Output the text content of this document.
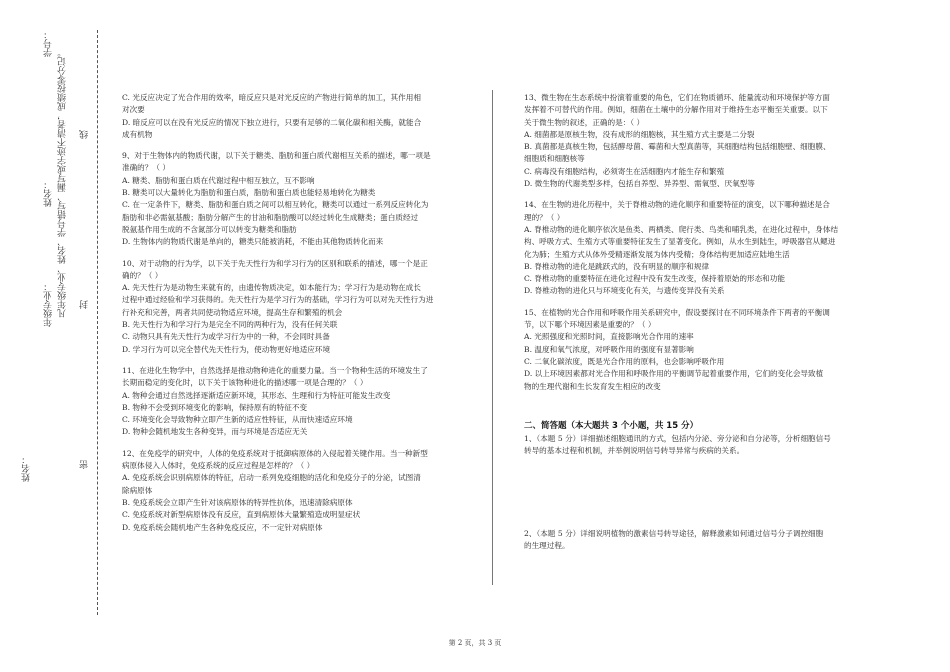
姓名：
年级专业： 凡年级专业、姓名、学号错写、漏写或字迹不清者，成绩按零分记。
姓名：
学号：
线
封
密

C. 光反应决定了光合作用的效率，暗反应只是对光反应的产物进行简单的加工，其作用相

对次要

D. 暗反应可以在没有光反应的情况下独立进行，只要有足够的二氧化碳和相关酶，就能合

成有机物

9、对于生物体内的物质代谢，以下关于糖类、脂肪和蛋白质代谢相互关系的描述，哪一项是

准确的？（ ）

A. 糖类、脂肪和蛋白质在代谢过程中相互独立，互不影响

B. 糖类可以大量转化为脂肪和蛋白质，脂肪和蛋白质也能轻易地转化为糖类

C. 在一定条件下，糖类、脂肪和蛋白质之间可以相互转化，糖类可以通过一系列反应转化为

脂肪和非必需氨基酸；脂肪分解产生的甘油和脂肪酸可以经过转化生成糖类；蛋白质经过

脱氨基作用生成的不含氮部分可以转变为糖类和脂肪

D. 生物体内的物质代谢是单向的，糖类只能被消耗，不能由其他物质转化而来

10、对于动物的行为学，以下关于先天性行为和学习行为的区别和联系的描述，哪一个是正

确的？（ ）

A. 先天性行为是动物生来就有的，由遗传物质决定，如本能行为；学习行为是动物在成长

过程中通过经验和学习获得的。先天性行为是学习行为的基础，学习行为可以对先天性行为进

行补充和完善，两者共同使动物适应环境，提高生存和繁殖的机会

B. 先天性行为和学习行为是完全不同的两种行为，没有任何关联

C. 动物只具有先天性行为或学习行为中的一种，不会同时具备

D. 学习行为可以完全替代先天性行为，使动物更好地适应环境

11、在进化生物学中，自然选择是推动物种进化的重要力量。当一个物种生活的环境发生了

长期而稳定的变化时，以下关于该物种进化的描述哪一项是合理的？（ ）

A. 物种会通过自然选择逐渐适应新环境，其形态、生理和行为特征可能发生改变

B. 物种不会受到环境变化的影响，保持原有的特征不变

C. 环境变化会导致物种立即产生新的适应性特征，从而快速适应环境

D. 物种会随机地发生各种变异，而与环境是否适应无关

12、在免疫学的研究中，人体的免疫系统对于抵御病原体的入侵起着关键作用。当一种新型

病原体侵入人体时，免疫系统的反应过程是怎样的？（ ）

A. 免疫系统会识别病原体的特征，启动一系列免疫细胞的活化和免疫分子的分泌，试图清

除病原体

B. 免疫系统会立即产生针对该病原体的特异性抗体，迅速清除病原体

C. 免疫系统对新型病原体没有反应，直到病原体大量繁殖造成明显症状

D. 免疫系统会随机地产生各种免疫反应，不一定针对病原体

13、微生物在生态系统中扮演着重要的角色，它们在物质循环、能量流动和环境保护等方面

发挥着不可替代的作用。例如，细菌在土壤中的分解作用对于维持生态平衡至关重要。以下

关于微生物的叙述，正确的是：（ ）

A. 细菌都是原核生物，没有成形的细胞核，其生殖方式主要是二分裂

B. 真菌都是真核生物，包括酵母菌、霉菌和大型真菌等，其细胞结构包括细胞壁、细胞膜、

细胞质和细胞核等

C. 病毒没有细胞结构，必须寄生在活细胞内才能生存和繁殖

D. 微生物的代谢类型多样，包括自养型、异养型、需氧型、厌氧型等

14、在生物的进化历程中，关于脊椎动物的进化顺序和重要特征的演变，以下哪种描述是合

理的？（ ）

A. 脊椎动物的进化顺序依次是鱼类、两栖类、爬行类、鸟类和哺乳类，在进化过程中，身体结

构、呼吸方式、生殖方式等重要特征发生了显著变化。例如，从水生到陆生，呼吸器官从鳃进

化为肺；生殖方式从体外受精逐渐发展为体内受精；身体结构更加适应陆地生活

B. 脊椎动物的进化是跳跃式的，没有明显的顺序和规律

C. 脊椎动物的重要特征在进化过程中没有发生改变，保持着原始的形态和功能

D. 脊椎动物的进化只与环境变化有关，与遗传变异没有关系

15、在植物的光合作用和呼吸作用关系研究中，假设要探讨在不同环境条件下两者的平衡调

节，以下哪个环境因素是重要的？（ ）

A. 光照强度和光照时间，直接影响光合作用的速率

B. 温度和氧气浓度，对呼吸作用的强度有显著影响

C. 二氧化碳浓度，既是光合作用的原料，也会影响呼吸作用

D. 以上环境因素都对光合作用和呼吸作用的平衡调节起着重要作用，它们的变化会导致植

物的生理代谢和生长发育发生相应的改变

二、简答题（本大题共 3 个小题，共 15 分）

1、（本题 5 分）详细描述细胞通讯的方式，包括内分泌、旁分泌和自分泌等，分析细胞信号

转导的基本过程和机制，并举例说明信号转导异常与疾病的关系。

2、（本题 5 分）详细说明植物的激素信号转导途径，解释激素如何通过信号分子调控细胞

的生理过程。

第 2 页，共 3 页
